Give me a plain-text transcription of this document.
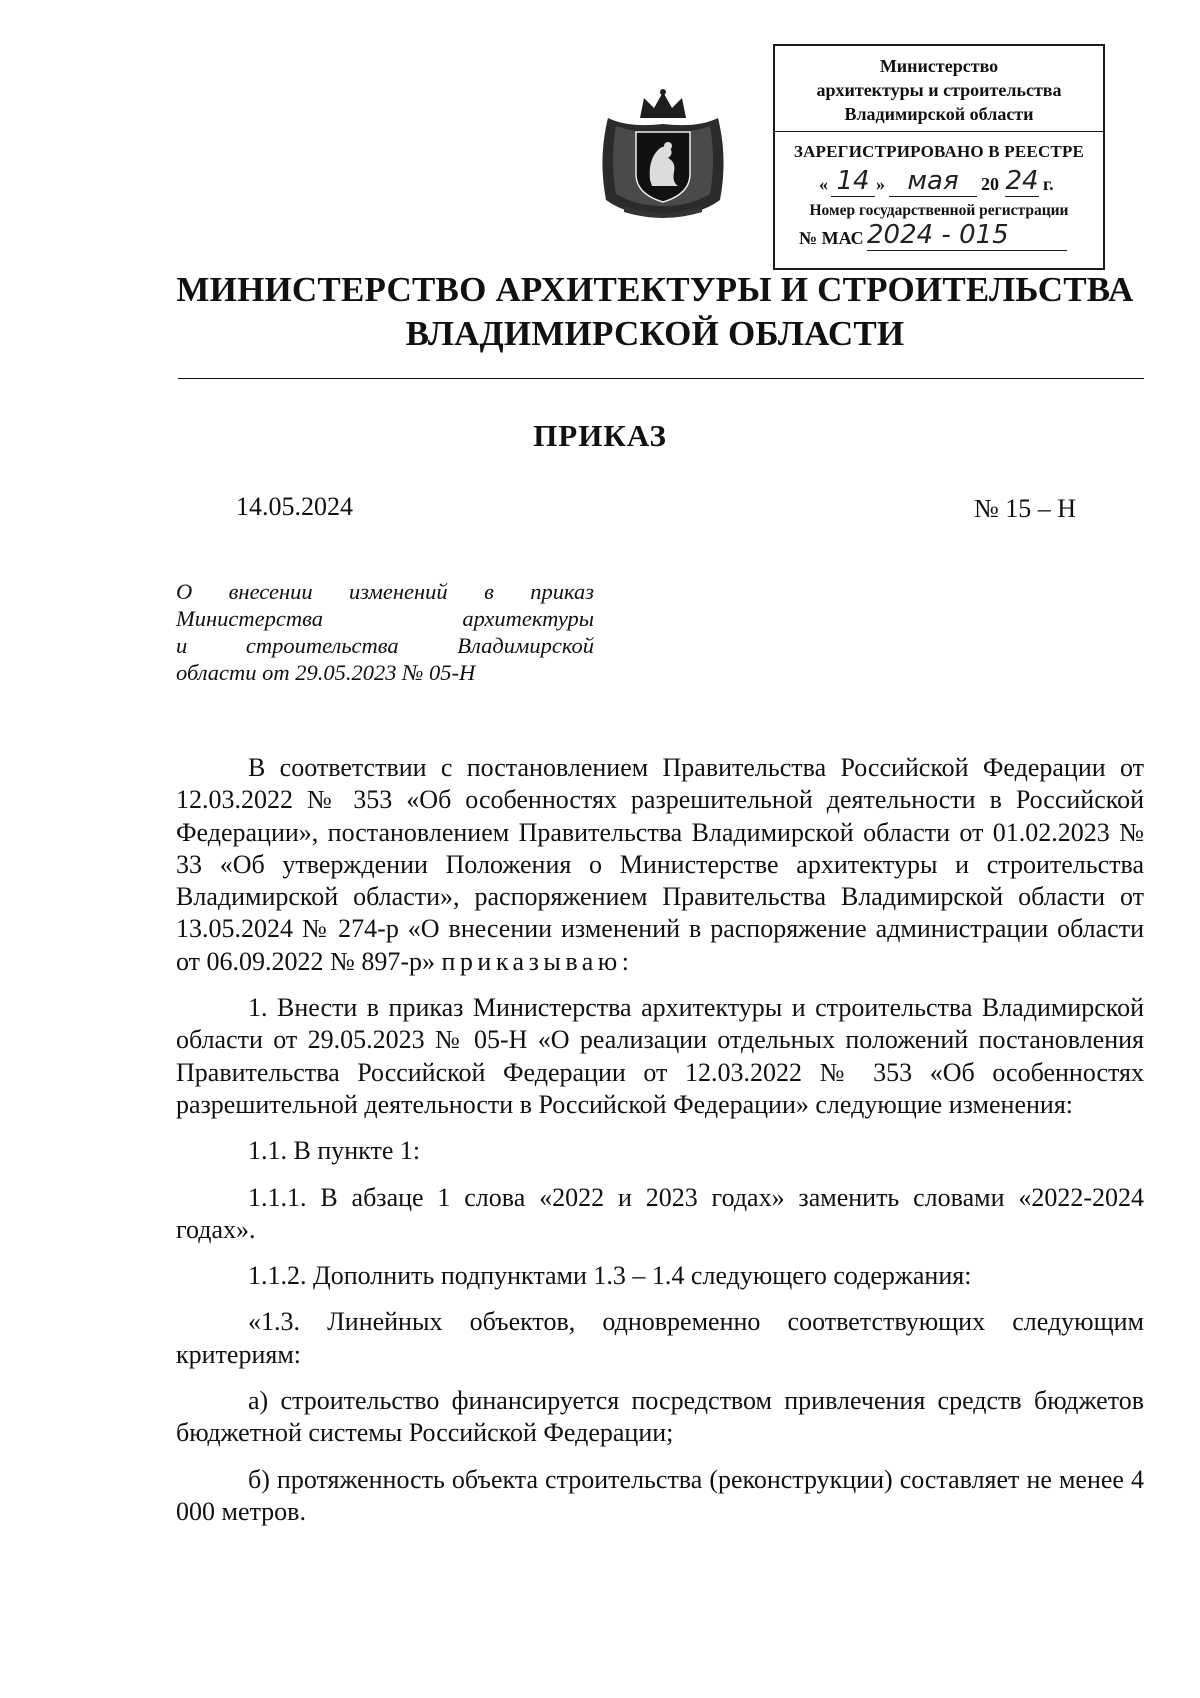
Министерство
архитектуры и строительства
Владимирской области
ЗАРЕГИСТРИРОВАНО В РЕЕСТРЕ
« 14 » мая	20 24 г.
Номер государственной регистрации
№ МАС 2024 - 015
МИНИСТЕРСТВО АРХИТЕКТУРЫ И СТРОИТЕЛЬСТВА
ВЛАДИМИРСКОЙ ОБЛАСТИ
ПРИКАЗ
14.05.2024	№ 15 – Н
О внесении изменений в приказ
Министерства архитектуры
и строительства Владимирской
области от 29.05.2023 № 05-Н

В соответствии с постановлением Правительства Российской Федерации от 12.03.2022 № 353 «Об особенностях разрешительной деятельности в Российской Федерации», постановлением Правительства Владимирской области от 01.02.2023 № 33 «Об утверждении Положения о Министерстве архитектуры и строительства Владимирской области», распоряжением Правительства Владимирской области от 13.05.2024 № 274-р «О внесении изменений в распоряжение администрации области от 06.09.2022 № 897-р» приказываю:

1. Внести в приказ Министерства архитектуры и строительства Владимирской области от 29.05.2023 № 05-Н «О реализации отдельных положений постановления Правительства Российской Федерации от 12.03.2022 № 353 «Об особенностях разрешительной деятельности в Российской Федерации» следующие изменения:

1.1. В пункте 1:

1.1.1. В абзаце 1 слова «2022 и 2023 годах» заменить словами «2022-2024 годах».

1.1.2. Дополнить подпунктами 1.3 – 1.4 следующего содержания:

«1.3. Линейных объектов, одновременно соответствующих следующим критериям:

а) строительство финансируется посредством привлечения средств бюджетов бюджетной системы Российской Федерации;

б) протяженность объекта строительства (реконструкции) составляет не менее 4 000 метров.
